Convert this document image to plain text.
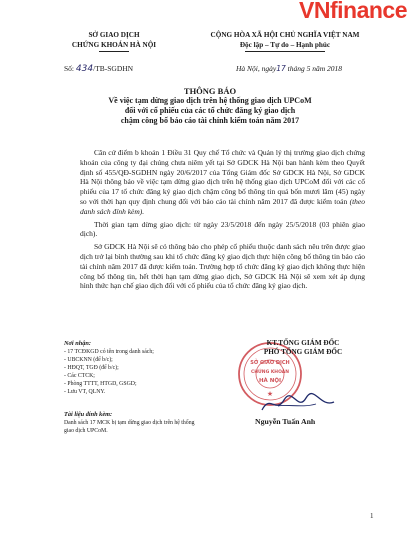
VNfinance
SỞ GIAO DỊCH
CHỨNG KHOÁN HÀ NỘI
CỘNG HÒA XÃ HỘI CHỦ NGHĨA VIỆT NAM
Độc lập – Tự do – Hạnh phúc
Số: 434/TB-SGDHN	Hà Nội, ngày17 tháng 5 năm 2018
THÔNG BÁO
Về việc tạm dừng giao dịch trên hệ thống giao dịch UPCoM
đối với cổ phiếu của các tổ chức đăng ký giao dịch
chậm công bố báo cáo tài chính kiểm toán năm 2017

Căn cứ điểm b khoản 1 Điều 31 Quy chế Tổ chức và Quản lý thị trường giao dịch chứng khoán của công ty đại chúng chưa niêm yết tại Sở GDCK Hà Nội ban hành kèm theo Quyết định số 455/QĐ-SGDHN ngày 20/6/2017 của Tổng Giám đốc Sở GDCK Hà Nội, Sở GDCK Hà Nội thông báo về việc tạm dừng giao dịch trên hệ thống giao dịch UPCoM đối với các cổ phiếu của 17 tổ chức đăng ký giao dịch chậm công bố thông tin quá bốn mươi lăm (45) ngày so với thời hạn quy định chung đối với báo cáo tài chính năm 2017 đã được kiểm toán (theo danh sách đính kèm).

Thời gian tạm dừng giao dịch: từ ngày 23/5/2018 đến ngày 25/5/2018 (03 phiên giao dịch).

Sở GDCK Hà Nội sẽ có thông báo cho phép cổ phiếu thuộc danh sách nêu trên được giao dịch trở lại bình thường sau khi tổ chức đăng ký giao dịch thực hiện công bố thông tin báo cáo tài chính năm 2017 đã được kiểm toán. Trường hợp tổ chức đăng ký giao dịch không thực hiện công bố thông tin, hết thời hạn tạm dừng giao dịch, Sở GDCK Hà Nội sẽ xem xét áp dụng hình thức hạn chế giao dịch đối với cổ phiếu của tổ chức đăng ký giao dịch.

Nơi nhận:
- 17 TCĐKGD có tên trong danh sách;
- UBCKNN (để b/c);
- HĐQT, TGĐ (để b/c);
- Các CTCK;
- Phòng TTTT, HTGD, GSGD;
- Lưu VT, QLNY.
Tài liệu đính kèm:
Danh sách 17 MCK bị tạm dừng giao dịch trên hệ thống giao dịch UPCoM.
SỞ GIAO DỊCH
CHỨNG KHOÁN
HÀ NỘI
★
KT.TỔNG GIÁM ĐỐC
PHÓ TỔNG GIÁM ĐỐC
Nguyễn Tuấn Anh
1
